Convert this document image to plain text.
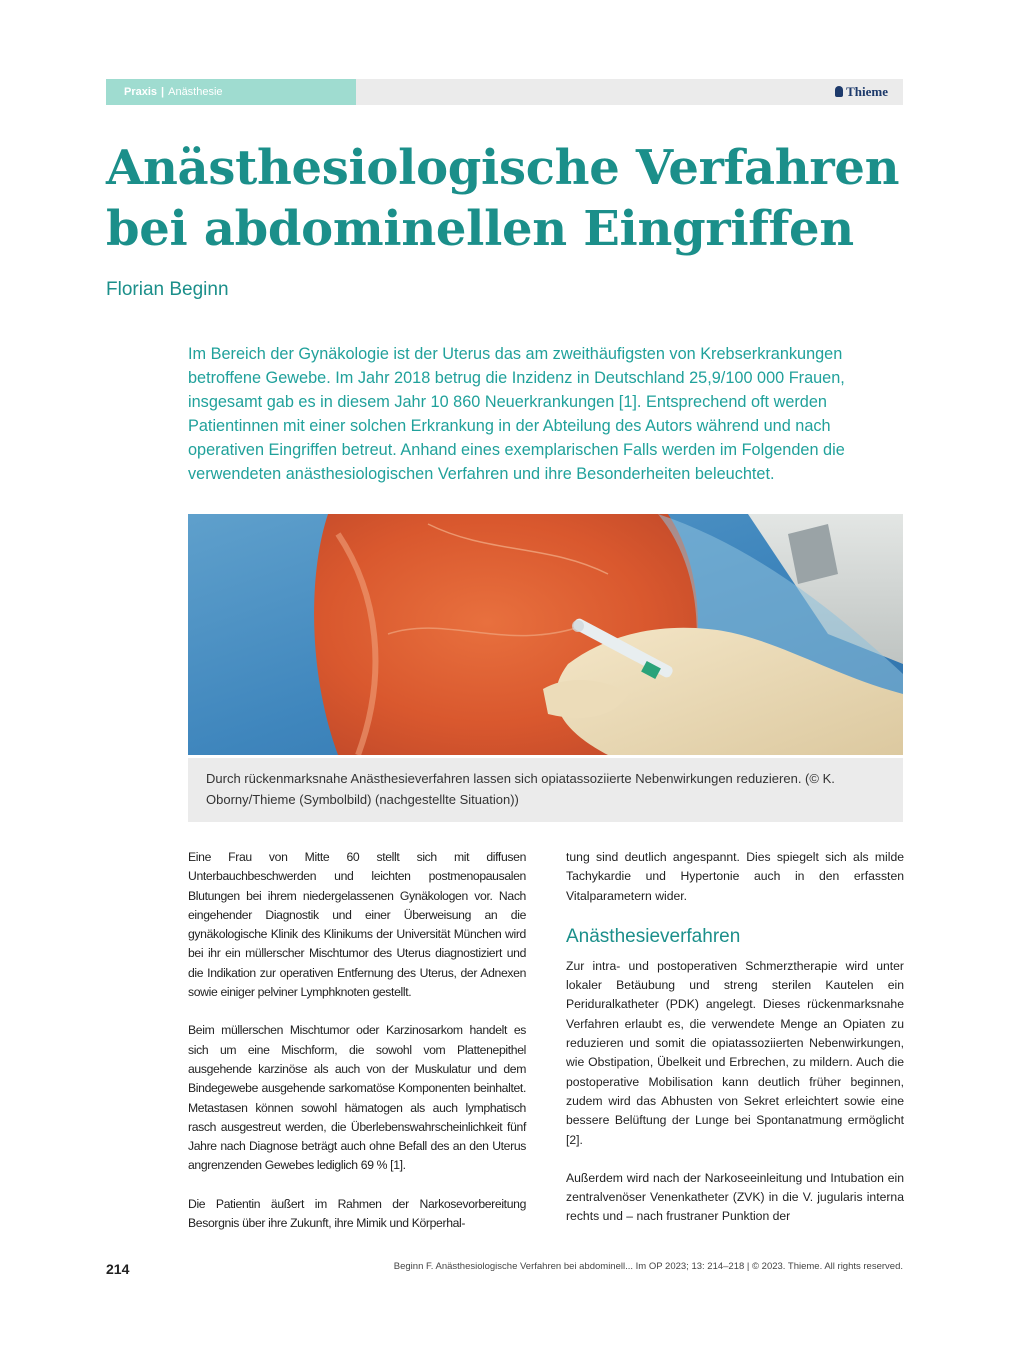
Praxis | Anästhesie	Thieme
Anästhesiologische Verfahren
bei abdominellen Eingriffen
Florian Beginn

Im Bereich der Gynäkologie ist der Uterus das am zweithäufigsten von Krebserkrankungen betroffene Gewebe. Im Jahr 2018 betrug die Inzidenz in Deutschland 25,9/100 000 Frauen, insgesamt gab es in diesem Jahr 10 860 Neuerkrankungen [1]. Entsprechend oft werden Patientinnen mit einer solchen Erkrankung in der Abteilung des Autors während und nach operativen Eingriffen betreut. Anhand eines exemplarischen Falls werden im Folgenden die verwendeten anästhesiologischen Verfahren und ihre Besonderheiten beleuchtet.

Durch rückenmarksnahe Anästhesieverfahren lassen sich opiatassoziierte Nebenwirkungen reduzieren. (© K. Oborny/Thieme (Symbolbild) (nachgestellte Situation))

Eine Frau von Mitte 60 stellt sich mit diffusen Unterbauchbeschwerden und leichten postmenopausalen Blutungen bei ihrem niedergelassenen Gynäkologen vor. Nach eingehender Diagnostik und einer Überweisung an die gynäkologische Klinik des Klinikums der Universität München wird bei ihr ein müllerscher Mischtumor des Uterus diagnostiziert und die Indikation zur operativen Entfernung des Uterus, der Adnexen sowie einiger pelviner Lymphknoten gestellt.

Beim müllerschen Mischtumor oder Karzinosarkom handelt es sich um eine Mischform, die sowohl vom Plattenepithel ausgehende karzinöse als auch von der Muskulatur und dem Bindegewebe ausgehende sarkomatöse Komponenten beinhaltet. Metastasen können sowohl hämatogen als auch lymphatisch rasch ausgestreut werden, die Überlebenswahrscheinlichkeit fünf Jahre nach Diagnose beträgt auch ohne Befall des an den Uterus angrenzenden Gewebes lediglich 69 % [1].

Die Patientin äußert im Rahmen der Narkosevorbereitung Besorgnis über ihre Zukunft, ihre Mimik und Körperhal-

tung sind deutlich angespannt. Dies spiegelt sich als milde Tachykardie und Hypertonie auch in den erfassten Vitalparametern wider.

Anästhesieverfahren

Zur intra- und postoperativen Schmerztherapie wird unter lokaler Betäubung und streng sterilen Kautelen ein Periduralkatheter (PDK) angelegt. Dieses rückenmarksnahe Verfahren erlaubt es, die verwendete Menge an Opiaten zu reduzieren und somit die opiatassoziierten Nebenwirkungen, wie Obstipation, Übelkeit und Erbrechen, zu mildern. Auch die postoperative Mobilisation kann deutlich früher beginnen, zudem wird das Abhusten von Sekret erleichtert sowie eine bessere Belüftung der Lunge bei Spontanatmung ermöglicht [2].

Außerdem wird nach der Narkoseeinleitung und Intubation ein zentralvenöser Venenkatheter (ZVK) in die V. jugularis interna rechts und – nach frustraner Punktion der

214	Beginn F. Anästhesiologische Verfahren bei abdominell... Im OP 2023; 13: 214–218 | © 2023. Thieme. All rights reserved.
